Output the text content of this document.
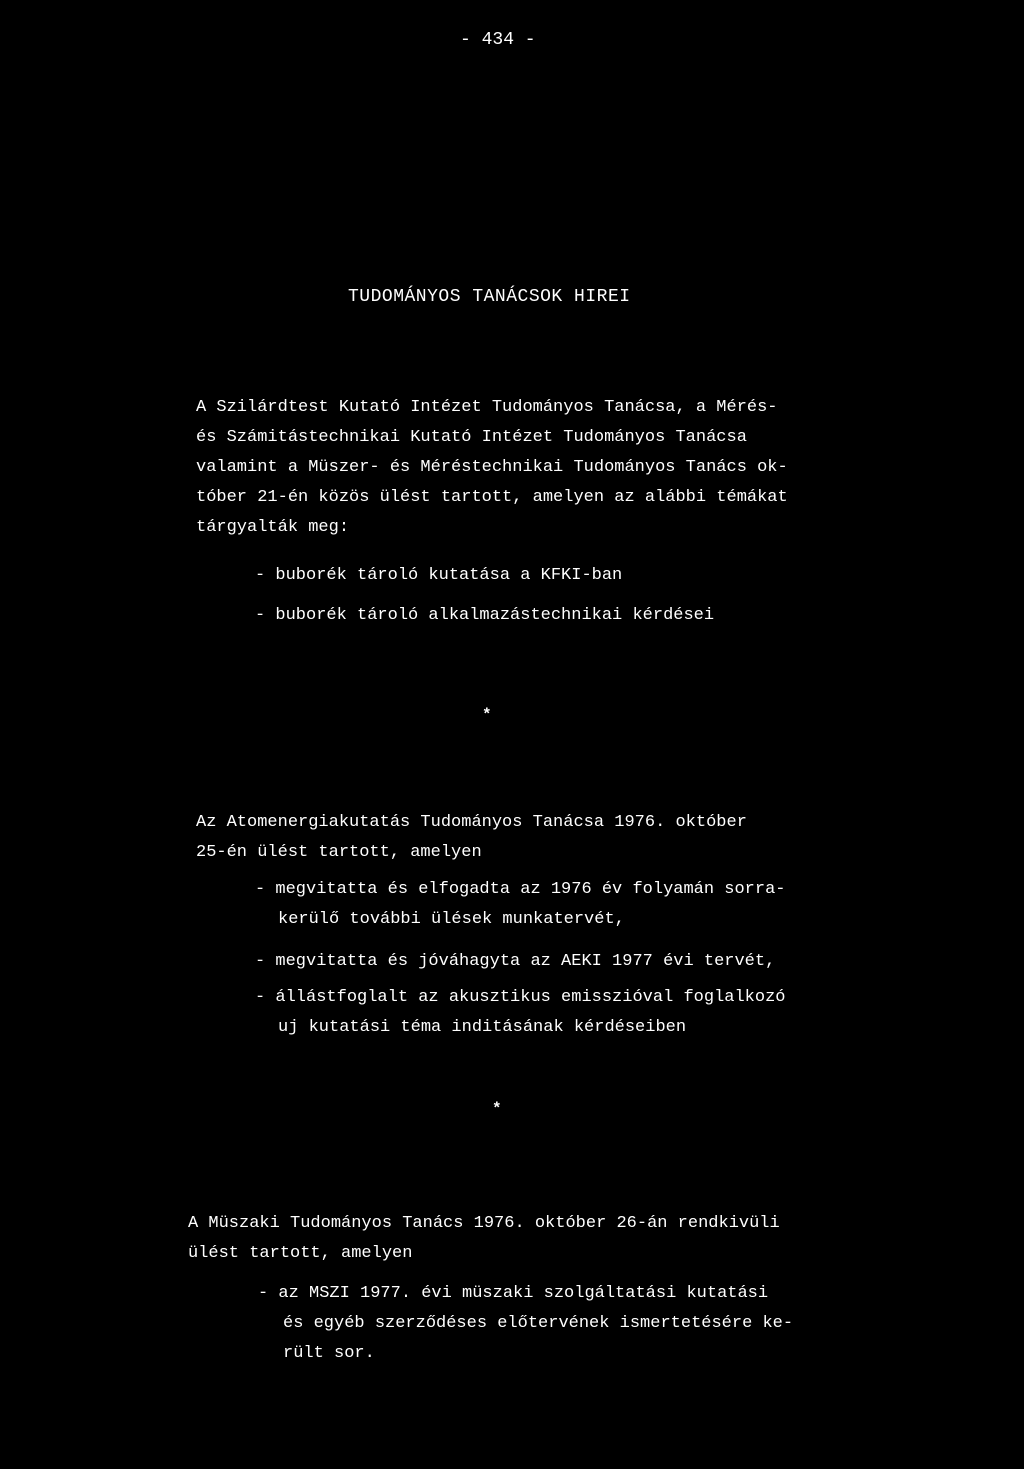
- 434 -
TUDOMÁNYOS TANÁCSOK HIREI
A Szilárdtest Kutató Intézet Tudományos Tanácsa, a Mérés-
és Számitástechnikai Kutató Intézet Tudományos Tanácsa
valamint a Müszer- és Méréstechnikai Tudományos Tanács ok-
tóber 21-én közös ülést tartott, amelyen az alábbi témákat
tárgyalták meg:
- buborék tároló kutatása a KFKI-ban
- buborék tároló alkalmazástechnikai kérdései
*
Az Atomenergiakutatás Tudományos Tanácsa 1976. október
25-én ülést tartott, amelyen
- megvitatta és elfogadta az 1976 év folyamán sorra-
kerülő további ülések munkatervét,
- megvitatta és jóváhagyta az AEKI 1977 évi tervét,
- állástfoglalt az akusztikus emisszióval foglalkozó
uj kutatási téma inditásának kérdéseiben
*
A Müszaki Tudományos Tanács 1976. október 26-án rendkivüli
ülést tartott, amelyen
- az MSZI 1977. évi müszaki szolgáltatási kutatási
és egyéb szerződéses előtervének ismertetésére ke-
rült sor.
